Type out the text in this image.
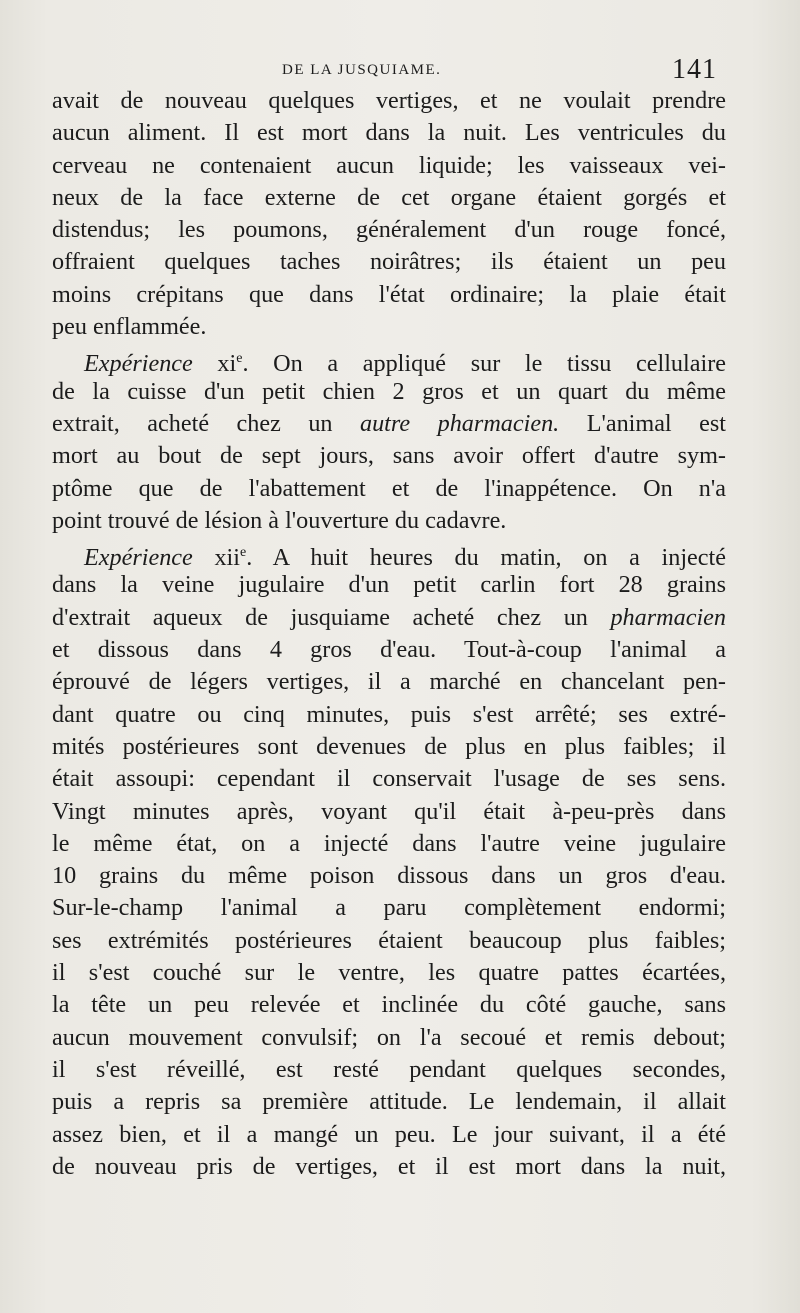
DE LA JUSQUIAME.	141
avait de nouveau quelques vertiges, et ne voulait prendre
aucun aliment. Il est mort dans la nuit. Les ventricules du
cerveau ne contenaient aucun liquide; les vaisseaux vei-
neux de la face externe de cet organe étaient gorgés et
distendus; les poumons, généralement d'un rouge foncé,
offraient quelques taches noirâtres; ils étaient un peu
moins crépitans que dans l'état ordinaire; la plaie était
peu enflammée.
Expérience $xi^e$. On a appliqué sur le tissu cellulaire
de la cuisse d'un petit chien 2 gros et un quart du même
extrait, acheté chez un autre pharmacien. L'animal est
mort au bout de sept jours, sans avoir offert d'autre sym-
ptôme que de l'abattement et de l'inappétence. On n'a
point trouvé de lésion à l'ouverture du cadavre.
Expérience xii$^e$. A huit heures du matin, on a injecté
dans la veine jugulaire d'un petit carlin fort 28 grains
d'extrait aqueux de jusquiame acheté chez un pharmacien
et dissous dans 4 gros d'eau. Tout-à-coup l'animal a
éprouvé de légers vertiges, il a marché en chancelant pen-
dant quatre ou cinq minutes, puis s'est arrêté; ses extré-
mités postérieures sont devenues de plus en plus faibles; il
était assoupi: cependant il conservait l'usage de ses sens.
Vingt minutes après, voyant qu'il était à-peu-près dans
le même état, on a injecté dans l'autre veine jugulaire
10 grains du même poison dissous dans un gros d'eau.
Sur-le-champ l'animal a paru complètement endormi;
ses extrémités postérieures étaient beaucoup plus faibles;
il s'est couché sur le ventre, les quatre pattes écartées,
la tête un peu relevée et inclinée du côté gauche, sans
aucun mouvement convulsif; on l'a secoué et remis debout;
il s'est réveillé, est resté pendant quelques secondes,
puis a repris sa première attitude. Le lendemain, il allait
assez bien, et il a mangé un peu. Le jour suivant, il a été
de nouveau pris de vertiges, et il est mort dans la nuit,
